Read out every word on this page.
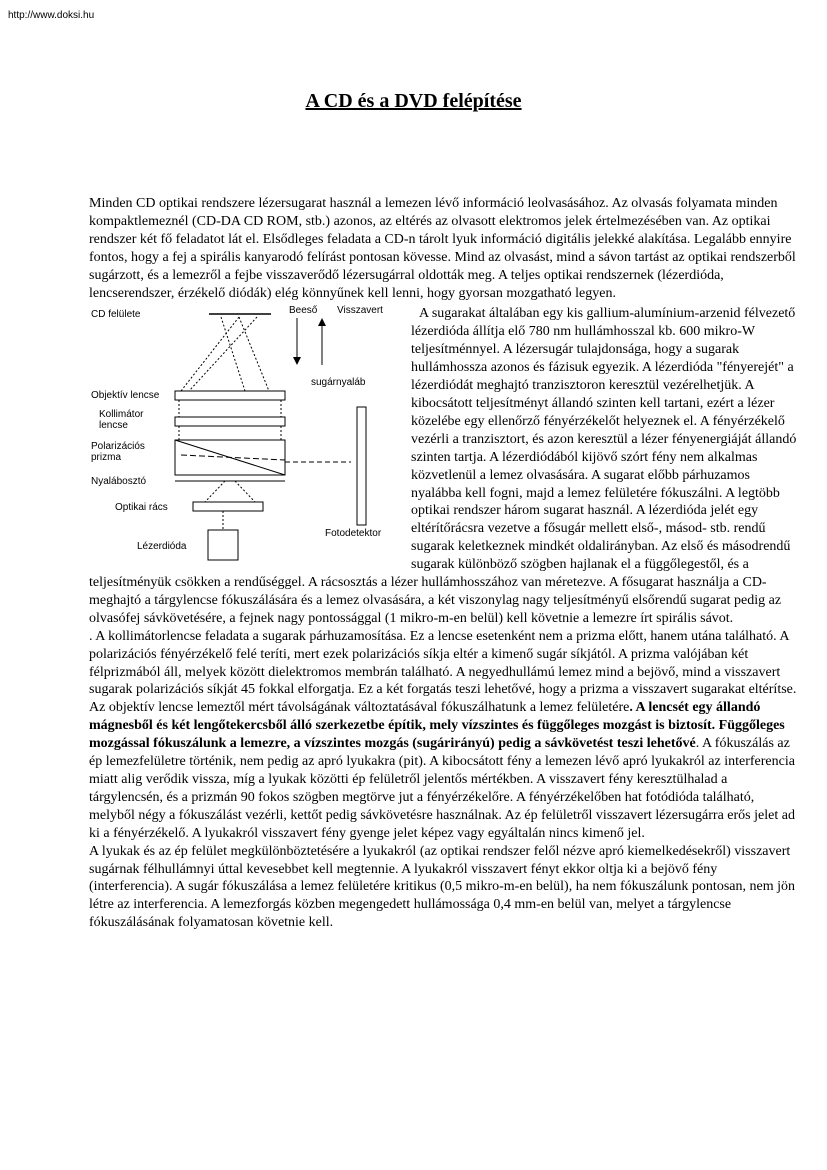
http://www.doksi.hu
A CD és a DVD felépítése

Minden CD optikai rendszere lézersugarat használ a lemezen lévő információ leolvasásához. Az olvasás folyamata minden kompaktlemeznél (CD-DA CD ROM, stb.) azonos, az eltérés az olvasott elektromos jelek értelmezésében van. Az optikai rendszer két fő feladatot lát el. Elsődleges feladata a CD-n tárolt lyuk információ digitális jelekké alakítása. Legalább ennyire fontos, hogy a fej a spirális kanyarodó felírást pontosan kövesse. Mind az olvasást, mind a sávon tartást az optikai rendszerből sugárzott, és a lemezről a fejbe visszaverődő lézersugárral oldották meg. A teljes optikai rendszernek (lézerdióda, lencserendszer, érzékelő diódák) elég könnyűnek kell lenni, hogy gyorsan mozgatható legyen.

CD felülete	Beeső Visszavert
sugárnyaláb
Objektív lencse
Kollimátor
lencse
Polarizációs
prizma
Nyalábosztó
Fotodetektor
Optikai rács
Lézerdióda

A sugarakat általában egy kis gallium-alumínium-arzenid félvezető lézerdióda állítja elő 780 nm hullámhosszal kb. 600 mikro-W teljesítménnyel. A lézersugár tulajdonsága, hogy a sugarak hullámhossza azonos és fázisuk egyezik. A lézerdióda "fényerejét" a lézerdiódát meghajtó tranzisztoron keresztül vezérelhetjük. A kibocsátott teljesítményt állandó szinten kell tartani, ezért a lézer közelébe egy ellenőrző fényérzékelőt helyeznek el. A fényérzékelő vezérli a tranzisztort, és azon keresztül a lézer fényenergiáját állandó szinten tartja. A lézerdiódából kijövő szórt fény nem alkalmas közvetlenül a lemez olvasására. A sugarat előbb párhuzamos nyalábba kell fogni, majd a lemez felületére fókuszálni. A legtöbb optikai rendszer három sugarat használ. A lézerdióda jelét egy eltérítőrácsra vezetve a fősugár mellett első-, másod- stb. rendű sugarak keletkeznek mindkét oldalirányban. Az első és másodrendű sugarak különböző szögben hajlanak el a függőlegestől, és a teljesítményük csökken a rendűséggel. A rácsosztás a lézer hullámhosszához van méretezve. A fősugarat használja a CD-meghajtó a tárgylencse fókuszálására és a lemez olvasására, a két viszonylag nagy teljesítményű elsőrendű sugarat pedig az olvasófej sávkövetésére, a fejnek nagy pontossággal (1 mikro-m-en belül) kell követnie a lemezre írt spirális sávot.

. A kollimátorlencse feladata a sugarak párhuzamosítása. Ez a lencse esetenként nem a prizma előtt, hanem utána található. A polarizációs fényérzékelő felé teríti, mert ezek polarizációs síkja eltér a kimenő sugár síkjától. A prizma valójában két félprizmából áll, melyek között dielektromos membrán található. A negyedhullámú lemez mind a bejövő, mind a visszavert sugarak polarizációs síkját 45 fokkal elforgatja. Ez a két forgatás teszi lehetővé, hogy a prizma a visszavert sugarakat eltérítse. Az objektív lencse lemeztől mért távolságának változtatásával fókuszálhatunk a lemez felületére. A lencsét egy állandó mágnesből és két lengőtekercsből álló szerkezetbe építik, mely vízszintes és függőleges mozgást is biztosít. Függőleges mozgással fókuszálunk a lemezre, a vízszintes mozgás (sugárirányú) pedig a sávkövetést teszi lehetővé. A fókuszálás az ép lemezfelületre történik, nem pedig az apró lyukakra (pit). A kibocsátott fény a lemezen lévő apró lyukakról az interferencia miatt alig verődik vissza, míg a lyukak közötti ép felületről jelentős mértékben. A visszavert fény keresztülhalad a tárgylencsén, és a prizmán 90 fokos szögben megtörve jut a fényérzékelőre. A fényérzékelőben hat fotódióda található, melyből négy a fókuszálást vezérli, kettőt pedig sávkövetésre használnak. Az ép felületről visszavert lézersugárra erős jelet ad ki a fényérzékelő. A lyukakról visszavert fény gyenge jelet képez vagy egyáltalán nincs kimenő jel.

A lyukak és az ép felület megkülönböztetésére a lyukakról (az optikai rendszer felől nézve apró kiemelkedésekről) visszavert sugárnak félhullámnyi úttal kevesebbet kell megtennie. A lyukakról visszavert fényt ekkor oltja ki a bejövő fény (interferencia). A sugár fókuszálása a lemez felületére kritikus (0,5 mikro-m-en belül), ha nem fókuszálunk pontosan, nem jön létre az interferencia. A lemezforgás közben megengedett hullámossága 0,4 mm-en belül van, melyet a tárgylencse fókuszálásának folyamatosan követnie kell.
